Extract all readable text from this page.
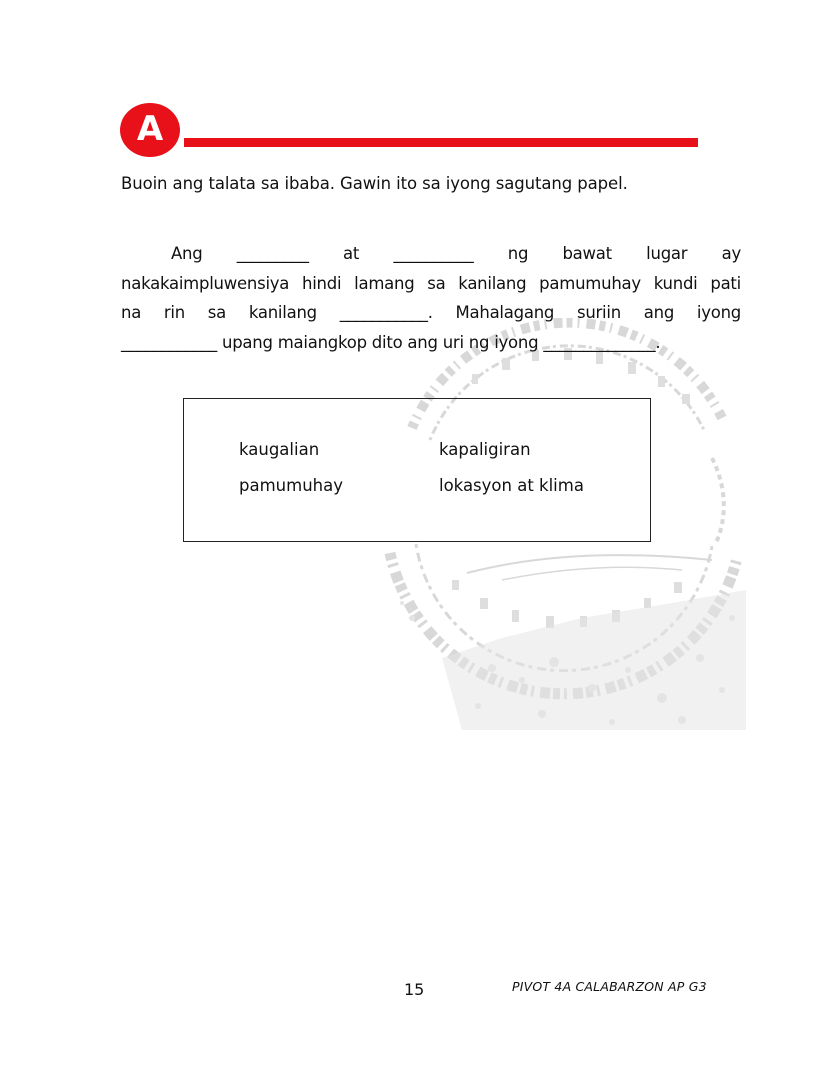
A
Buoin ang talata sa ibaba. Gawin ito sa iyong sagutang papel.
Ang _________ at __________ ng bawat lugar ay
nakakaimpluwensiya hindi lamang sa kanilang pamumuhay kundi pati
na rin sa kanilang ___________. Mahalagang suriin ang iyong
____________ upang maiangkop dito ang uri ng iyong ______________.
kaugalian	kapaligiran
pamumuhay	lokasyon at klima
15	PIVOT 4A CALABARZON AP G3
